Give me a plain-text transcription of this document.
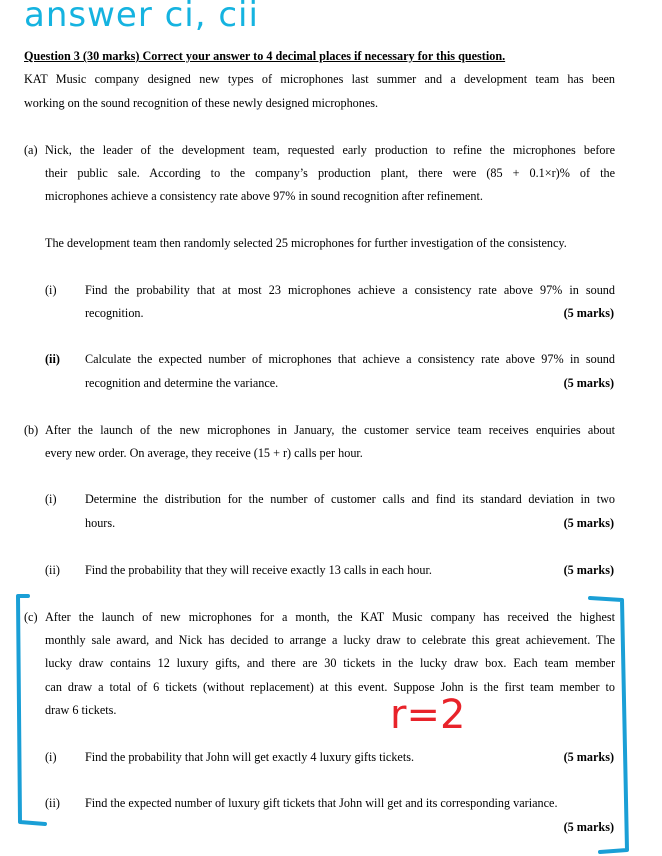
answer ci, cii
r=2
Question 3 (30 marks) Correct your answer to 4 decimal places if necessary for this question.
KAT Music company designed new types of microphones last summer and a development team has been
working on the sound recognition of these newly designed microphones.
(a) Nick, the leader of the development team, requested early production to refine the microphones before
their public sale. According to the company’s production plant, there were (85 + 0.1×r)% of the
microphones achieve a consistency rate above 97% in sound recognition after refinement.
The development team then randomly selected 25 microphones for further investigation of the consistency.
(i) Find the probability that at most 23 microphones achieve a consistency rate above 97% in sound
recognition.	(5 marks)
(ii) Calculate the expected number of microphones that achieve a consistency rate above 97% in sound
recognition and determine the variance.	(5 marks)
(b) After the launch of the new microphones in January, the customer service team receives enquiries about
every new order. On average, they receive (15 + r) calls per hour.
(i) Determine the distribution for the number of customer calls and find its standard deviation in two
hours.	(5 marks)
(ii) Find the probability that they will receive exactly 13 calls in each hour.	(5 marks)
(c) After the launch of new microphones for a month, the KAT Music company has received the highest
monthly sale award, and Nick has decided to arrange a lucky draw to celebrate this great achievement. The
lucky draw contains 12 luxury gifts, and there are 30 tickets in the lucky draw box. Each team member
can draw a total of 6 tickets (without replacement) at this event. Suppose John is the first team member to
draw 6 tickets.
(i) Find the probability that John will get exactly 4 luxury gifts tickets.	(5 marks)
(ii) Find the expected number of luxury gift tickets that John will get and its corresponding variance.
(5 marks)
